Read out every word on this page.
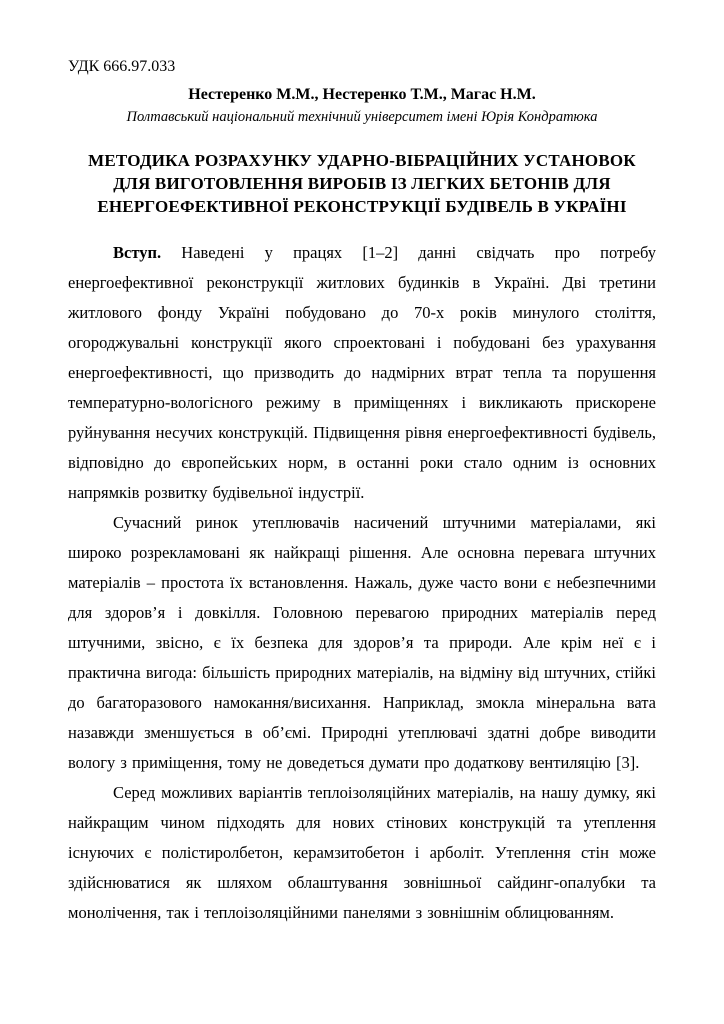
УДК 666.97.033
Нестеренко М.М., Нестеренко Т.М., Магас Н.М.
Полтавський національний технічний університет імені Юрія Кондратюка
МЕТОДИКА РОЗРАХУНКУ УДАРНО-ВІБРАЦІЙНИХ УСТАНОВОК ДЛЯ ВИГОТОВЛЕННЯ ВИРОБІВ ІЗ ЛЕГКИХ БЕТОНІВ ДЛЯ ЕНЕРГОЕФЕКТИВНОЇ РЕКОНСТРУКЦІЇ БУДІВЕЛЬ В УКРАЇНІ

Вступ. Наведені у працях [1–2] данні свідчать про потребу енергоефективної реконструкції житлових будинків в Україні. Дві третини житлового фонду Україні побудовано до 70-х років минулого століття, огороджувальні конструкції якого спроектовані і побудовані без урахування енергоефективності, що призводить до надмірних втрат тепла та порушення температурно-вологісного режиму в приміщеннях і викликають прискорене руйнування несучих конструкцій. Підвищення рівня енергоефективності будівель, відповідно до європейських норм, в останні роки стало одним із основних напрямків розвитку будівельної індустрії.

Сучасний ринок утеплювачів насичений штучними матеріалами, які широко розрекламовані як найкращі рішення. Але основна перевага штучних матеріалів – простота їх встановлення. Нажаль, дуже часто вони є небезпечними для здоров’я і довкілля. Головною перевагою природних матеріалів перед штучними, звісно, є їх безпека для здоров’я та природи. Але крім неї є і практична вигода: більшість природних матеріалів, на відміну від штучних, стійкі до багаторазового намокання/висихання. Наприклад, змокла мінеральна вата назавжди зменшується в об’ємі. Природні утеплювачі здатні добре виводити вологу з приміщення, тому не доведеться думати про додаткову вентиляцію [3].

Серед можливих варіантів теплоізоляційних матеріалів, на нашу думку, які найкращим чином підходять для нових стінових конструкцій та утеплення існуючих є полістиролбетон, керамзитобетон і арболіт. Утеплення стін може здійснюватися як шляхом облаштування зовнішньої сайдинг-опалубки та монолічення, так і теплоізоляційними панелями з зовнішнім облицюванням.
